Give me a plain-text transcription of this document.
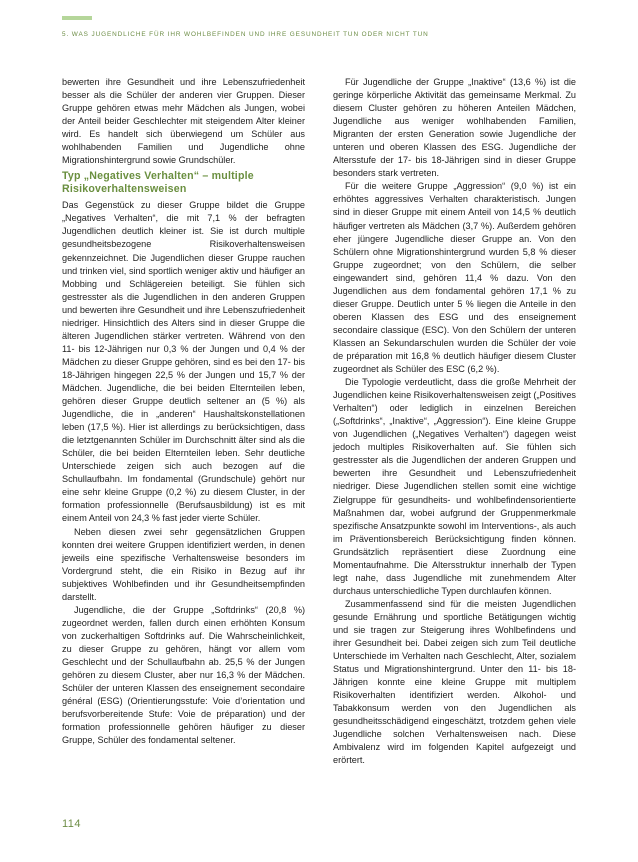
5. WAS JUGENDLICHE FÜR IHR WOHLBEFINDEN UND IHRE GESUNDHEIT TUN ODER NICHT TUN

bewerten ihre Gesundheit und ihre Lebenszufriedenheit besser als die Schüler der anderen vier Gruppen. Dieser Gruppe gehören etwas mehr Mädchen als Jungen, wobei der Anteil beider Geschlechter mit steigendem Alter kleiner wird. Es handelt sich überwiegend um Schüler aus wohlhabenden Familien und Jugendliche ohne Migrationshintergrund sowie Grundschüler.

Typ „Negatives Verhalten“ – multiple Risikoverhaltensweisen

Das Gegenstück zu dieser Gruppe bildet die Gruppe „Negatives Verhalten“, die mit 7,1 % der befragten Jugendlichen deutlich kleiner ist. Sie ist durch multiple gesundheitsbezogene Risikoverhaltensweisen gekennzeichnet. Die Jugendlichen dieser Gruppe rauchen und trinken viel, sind sportlich weniger aktiv und häufiger an Mobbing und Schlägereien beteiligt. Sie fühlen sich gestresster als die Jugendlichen in den anderen Gruppen und bewerten ihre Gesundheit und ihre Lebenszufriedenheit niedriger. Hinsichtlich des Alters sind in dieser Gruppe die älteren Jugendlichen stärker vertreten. Während von den 11- bis 12-Jährigen nur 0,3 % der Jungen und 0,4 % der Mädchen zu dieser Gruppe gehören, sind es bei den 17- bis 18-Jährigen hingegen 22,5 % der Jungen und 15,7 % der Mädchen. Jugendliche, die bei beiden Elternteilen leben, gehören dieser Gruppe deutlich seltener an (5 %) als Jugendliche, die in „anderen“ Haushaltskonstellationen leben (17,5 %). Hier ist allerdings zu berücksichtigen, dass die letztgenannten Schüler im Durchschnitt älter sind als die Schüler, die bei beiden Elternteilen leben. Sehr deutliche Unterschiede zeigen sich auch bezogen auf die Schullaufbahn. Im fondamental (Grundschule) gehört nur eine sehr kleine Gruppe (0,2 %) zu diesem Cluster, in der formation professionnelle (Berufsausbildung) ist es mit einem Anteil von 24,3 % fast jeder vierte Schüler.

Neben diesen zwei sehr gegensätzlichen Gruppen konnten drei weitere Gruppen identifiziert werden, in denen jeweils eine spezifische Verhaltensweise besonders im Vordergrund steht, die ein Risiko in Bezug auf ihr subjektives Wohlbefinden und ihr Gesundheitsempfinden darstellt.

Jugendliche, die der Gruppe „Softdrinks“ (20,8 %) zugeordnet werden, fallen durch einen erhöhten Konsum von zuckerhaltigen Softdrinks auf. Die Wahrscheinlichkeit, zu dieser Gruppe zu gehören, hängt vor allem vom Geschlecht und der Schullaufbahn ab. 25,5 % der Jungen gehören zu diesem Cluster, aber nur 16,3 % der Mädchen. Schüler der unteren Klassen des enseignement secondaire général (ESG) (Orientierungsstufe: Voie d’orientation und berufsvorbereitende Stufe: Voie de préparation) und der formation professionnelle gehören häufiger zu dieser Gruppe, Schüler des fondamental seltener.

Für Jugendliche der Gruppe „Inaktive“ (13,6 %) ist die geringe körperliche Aktivität das gemeinsame Merkmal. Zu diesem Cluster gehören zu höheren Anteilen Mädchen, Jugendliche aus weniger wohlhabenden Familien, Migranten der ersten Generation sowie Jugendliche der unteren und oberen Klassen des ESG. Jugendliche der Altersstufe der 17- bis 18-Jährigen sind in dieser Gruppe besonders stark vertreten.

Für die weitere Gruppe „Aggression“ (9,0 %) ist ein erhöhtes aggressives Verhalten charakteristisch. Jungen sind in dieser Gruppe mit einem Anteil von 14,5 % deutlich häufiger vertreten als Mädchen (3,7 %). Außerdem gehören eher jüngere Jugendliche dieser Gruppe an. Von den Schülern ohne Migrationshintergrund wurden 5,8 % dieser Gruppe zugeordnet; von den Schülern, die selber eingewandert sind, gehören 11,4 % dazu. Von den Jugendlichen aus dem fondamental gehören 17,1 % zu dieser Gruppe. Deutlich unter 5 % liegen die Anteile in den oberen Klassen des ESG und des enseignement secondaire classique (ESC). Von den Schülern der unteren Klassen an Sekundarschulen wurden die Schüler der voie de préparation mit 16,8 % deutlich häufiger diesem Cluster zugeordnet als Schüler des ESC (6,2 %).

Die Typologie verdeutlicht, dass die große Mehrheit der Jugendlichen keine Risikoverhaltensweisen zeigt („Positives Verhalten“) oder lediglich in einzelnen Bereichen („Softdrinks“, „Inaktive“, „Aggression“). Eine kleine Gruppe von Jugendlichen („Negatives Verhalten“) dagegen weist jedoch multiples Risikoverhalten auf. Sie fühlen sich gestresster als die Jugendlichen der anderen Gruppen und bewerten ihre Gesundheit und Lebenszufriedenheit niedriger. Diese Jugendlichen stellen somit eine wichtige Zielgruppe für gesundheits- und wohlbefindensorientierte Maßnahmen dar, wobei aufgrund der Gruppenmerkmale spezifische Ansatzpunkte sowohl im Interventions-, als auch im Präventionsbereich Berücksichtigung finden können. Grundsätzlich repräsentiert diese Zuordnung eine Momentaufnahme. Die Altersstruktur innerhalb der Typen legt nahe, dass Jugendliche mit zunehmendem Alter durchaus unterschiedliche Typen durchlaufen können.

Zusammenfassend sind für die meisten Jugendlichen gesunde Ernährung und sportliche Betätigungen wichtig und sie tragen zur Steigerung ihres Wohlbefindens und ihrer Gesundheit bei. Dabei zeigen sich zum Teil deutliche Unterschiede im Verhalten nach Geschlecht, Alter, sozialem Status und Migrationshintergrund. Unter den 11- bis 18-Jährigen konnte eine kleine Gruppe mit multiplem Risikoverhalten identifiziert werden. Alkohol- und Tabakkonsum werden von den Jugendlichen als gesundheitsschädigend eingeschätzt, trotzdem gehen viele Jugendliche solchen Verhaltensweisen nach. Diese Ambivalenz wird im folgenden Kapitel aufgezeigt und erörtert.

114
